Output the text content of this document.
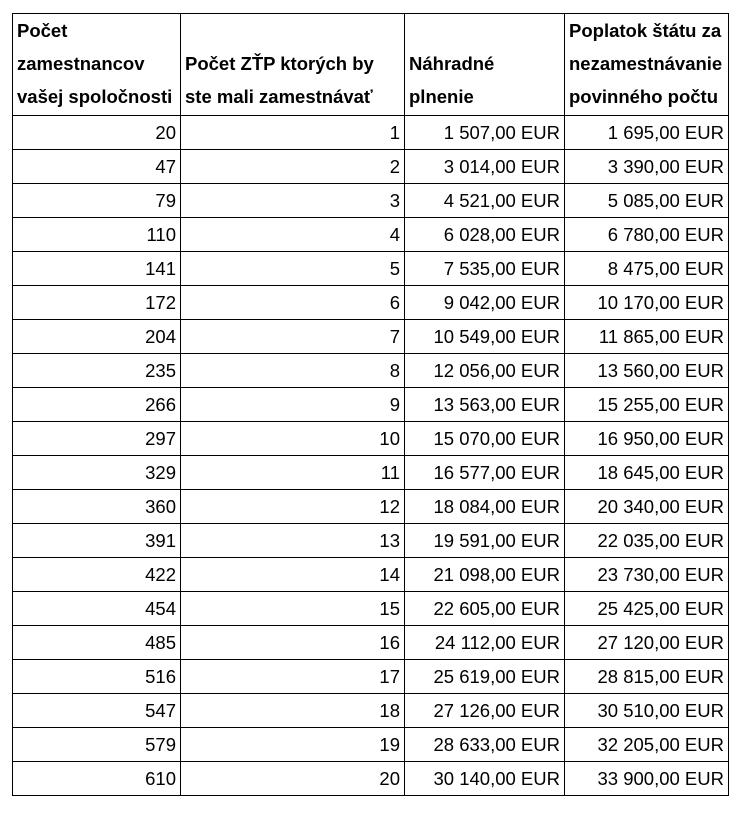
Počet zamestnancov vašej spoločnosti	Počet ZŤP ktorých by ste mali zamestnávať	Náhradné plnenie	Poplatok štátu za nezamestnávanie povinného počtu
20	1	1 507,00 EUR	1 695,00 EUR
47	2	3 014,00 EUR	3 390,00 EUR
79	3	4 521,00 EUR	5 085,00 EUR
110	4	6 028,00 EUR	6 780,00 EUR
141	5	7 535,00 EUR	8 475,00 EUR
172	6	9 042,00 EUR	10 170,00 EUR
204	7	10 549,00 EUR	11 865,00 EUR
235	8	12 056,00 EUR	13 560,00 EUR
266	9	13 563,00 EUR	15 255,00 EUR
297	10	15 070,00 EUR	16 950,00 EUR
329	11	16 577,00 EUR	18 645,00 EUR
360	12	18 084,00 EUR	20 340,00 EUR
391	13	19 591,00 EUR	22 035,00 EUR
422	14	21 098,00 EUR	23 730,00 EUR
454	15	22 605,00 EUR	25 425,00 EUR
485	16	24 112,00 EUR	27 120,00 EUR
516	17	25 619,00 EUR	28 815,00 EUR
547	18	27 126,00 EUR	30 510,00 EUR
579	19	28 633,00 EUR	32 205,00 EUR
610	20	30 140,00 EUR	33 900,00 EUR
